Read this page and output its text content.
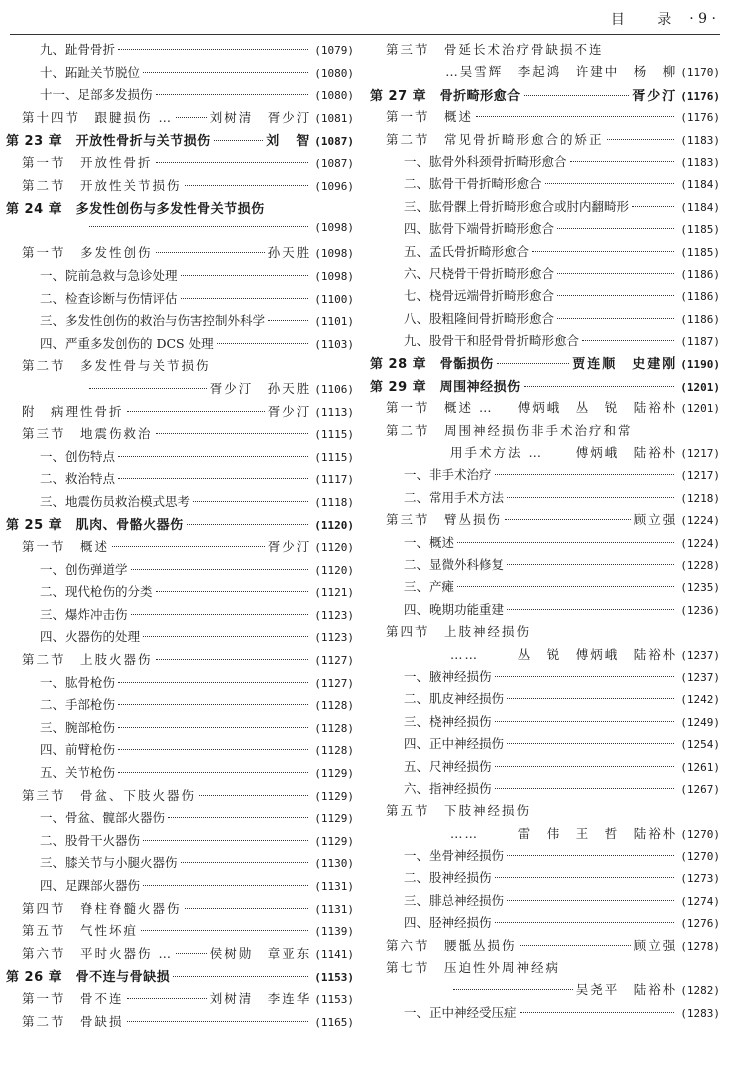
目 录 · 9 ·
九、趾骨骨折	(1079)
十、跖趾关节脱位	(1080)
十一、足部多发损伤	(1080)
第十四节　跟腱损伤 …	刘树清　胥少汀 (1081)
第 23 章　开放性骨折与关节损伤	刘　智 (1087)
第一节　开放性骨折	(1087)
第二节　开放性关节损伤	(1096)
第 24 章　多发性创伤与多发性骨关节损伤
(1098)
第一节　多发性创伤	孙天胜 (1098)
一、院前急救与急诊处理	(1098)
二、检查诊断与伤情评估	(1100)
三、多发性创伤的救治与伤害控制外科学	(1101)
四、严重多发创伤的 DCS 处理	(1103)
第二节　多发性骨与关节损伤
胥少汀　孙天胜 (1106)
附　病理性骨折	胥少汀 (1113)
第三节　地震伤救治	(1115)
一、创伤特点	(1115)
二、救治特点	(1117)
三、地震伤员救治模式思考	(1118)
第 25 章　肌肉、骨骼火器伤	(1120)
第一节　概述	胥少汀 (1120)
一、创伤弹道学	(1120)
二、现代枪伤的分类	(1121)
三、爆炸冲击伤	(1123)
四、火器伤的处理	(1123)
第二节　上肢火器伤	(1127)
一、肱骨枪伤	(1127)
二、手部枪伤	(1128)
三、腕部枪伤	(1128)
四、前臂枪伤	(1128)
五、关节枪伤	(1129)
第三节　骨盆、下肢火器伤	(1129)
一、骨盆、髋部火器伤	(1129)
二、股骨干火器伤	(1129)
三、膝关节与小腿火器伤	(1130)
四、足踝部火器伤	(1131)
第四节　脊柱脊髓火器伤	(1131)
第五节　气性坏疽	(1139)
第六节　平时火器伤 …	侯树勋　章亚东 (1141)
第 26 章　骨不连与骨缺损	(1153)
第一节　骨不连	刘树清　李连华 (1153)
第二节　骨缺损	(1165)
第三节　骨延长术治疗骨缺损不连
… 吴雪辉　李起鸿　许建中　杨　柳 (1170)
第 27 章　骨折畸形愈合	胥少汀 (1176)
第一节　概述	(1176)
第二节　常见骨折畸形愈合的矫正	(1183)
一、肱骨外科颈骨折畸形愈合	(1183)
二、肱骨干骨折畸形愈合	(1184)
三、肱骨髁上骨折畸形愈合或肘内翻畸形	(1184)
四、肱骨下端骨折畸形愈合	(1185)
五、孟氏骨折畸形愈合	(1185)
六、尺桡骨干骨折畸形愈合	(1186)
七、桡骨远端骨折畸形愈合	(1186)
八、股粗隆间骨折畸形愈合	(1186)
九、股骨干和胫骨骨折畸形愈合	(1187)
第 28 章　骨骺损伤	贾连顺　史建刚 (1190)
第 29 章　周围神经损伤	(1201)
第一节　概述 … 傅炳峨　丛　锐　陆裕朴 (1201)
第二节　周围神经损伤非手术治疗和常
用手术方法 …	傅炳峨　陆裕朴 (1217)
一、非手术治疗	(1217)
二、常用手术方法	(1218)
第三节　臂丛损伤	顾立强 (1224)
一、概述	(1224)
二、显微外科修复	(1228)
三、产瘫	(1235)
四、晚期功能重建	(1236)
第四节　上肢神经损伤
……	丛　锐　傅炳峨　陆裕朴 (1237)
一、腋神经损伤	(1237)
二、肌皮神经损伤	(1242)
三、桡神经损伤	(1249)
四、正中神经损伤	(1254)
五、尺神经损伤	(1261)
六、指神经损伤	(1267)
第五节　下肢神经损伤
……	雷　伟　王　哲　陆裕朴 (1270)
一、坐骨神经损伤	(1270)
二、股神经损伤	(1273)
三、腓总神经损伤	(1274)
四、胫神经损伤	(1276)
第六节　腰骶丛损伤	顾立强 (1278)
第七节　压迫性外周神经病
吴尧平　陆裕朴 (1282)
一、正中神经受压症	(1283)
